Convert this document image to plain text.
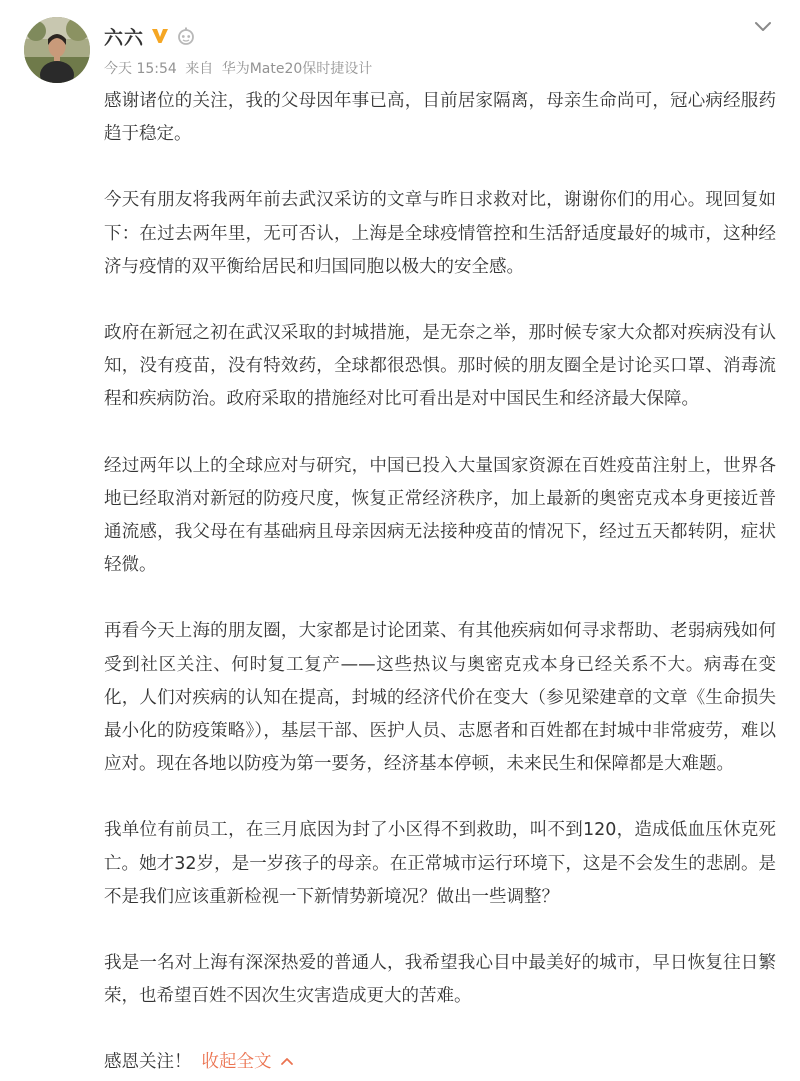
六六
今天 15:54 来自 华为Mate20保时捷设计

感谢诸位的关注，我的父母因年事已高，目前居家隔离，母亲生命尚可，冠心病经服药趋于稳定。

今天有朋友将我两年前去武汉采访的文章与昨日求救对比，谢谢你们的用心。现回复如下：在过去两年里，无可否认，上海是全球疫情管控和生活舒适度最好的城市，这种经济与疫情的双平衡给居民和归国同胞以极大的安全感。

政府在新冠之初在武汉采取的封城措施，是无奈之举，那时候专家大众都对疾病没有认知，没有疫苗，没有特效药，全球都很恐惧。那时候的朋友圈全是讨论买口罩、消毒流程和疾病防治。政府采取的措施经对比可看出是对中国民生和经济最大保障。

经过两年以上的全球应对与研究，中国已投入大量国家资源在百姓疫苗注射上，世界各地已经取消对新冠的防疫尺度，恢复正常经济秩序，加上最新的奥密克戎本身更接近普通流感，我父母在有基础病且母亲因病无法接种疫苗的情况下，经过五天都转阴，症状轻微。

再看今天上海的朋友圈，大家都是讨论团菜、有其他疾病如何寻求帮助、老弱病残如何受到社区关注、何时复工复产——这些热议与奥密克戎本身已经关系不大。病毒在变化，人们对疾病的认知在提高，封城的经济代价在变大（参见梁建章的文章《生命损失最小化的防疫策略》），基层干部、医护人员、志愿者和百姓都在封城中非常疲劳，难以应对。现在各地以防疫为第一要务，经济基本停顿，未来民生和保障都是大难题。

我单位有前员工，在三月底因为封了小区得不到救助，叫不到120，造成低血压休克死亡。她才32岁，是一岁孩子的母亲。在正常城市运行环境下，这是不会发生的悲剧。是不是我们应该重新检视一下新情势新境况？做出一些调整？

我是一名对上海有深深热爱的普通人，我希望我心目中最美好的城市，早日恢复往日繁荣，也希望百姓不因次生灾害造成更大的苦难。

感恩关注！ 收起全文
